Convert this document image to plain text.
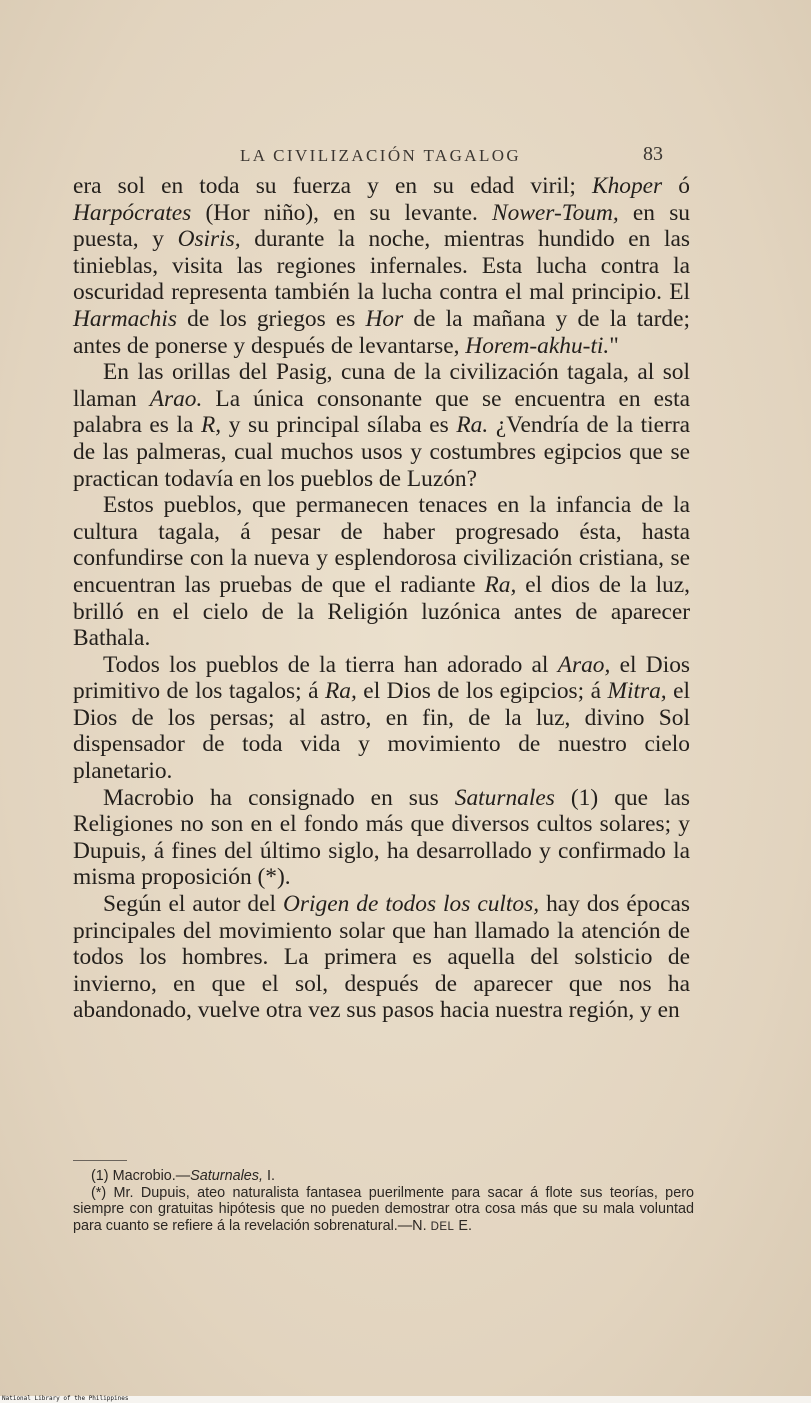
LA CIVILIZACIÓN TAGALOG	83

era sol en toda su fuerza y en su edad viril; Khoper ó Harpócrates (Hor niño), en su levante. Nower-Toum, en su puesta, y Osiris, durante la noche, mientras hundido en las tinieblas, visita las regiones infernales. Esta lucha contra la oscuridad representa también la lucha contra el mal principio. El Harmachis de los griegos es Hor de la mañana y de la tarde; antes de ponerse y después de levantarse, Horem-akhu-ti."

En las orillas del Pasig, cuna de la civilización tagala, al sol llaman Arao. La única consonante que se encuentra en esta palabra es la R, y su principal sílaba es Ra. ¿Vendría de la tierra de las palmeras, cual muchos usos y costumbres egipcios que se practican todavía en los pueblos de Luzón?

Estos pueblos, que permanecen tenaces en la infancia de la cultura tagala, á pesar de haber progresado ésta, hasta confundirse con la nueva y esplendorosa civilización cristiana, se encuentran las pruebas de que el radiante Ra, el dios de la luz, brilló en el cielo de la Religión luzónica antes de aparecer Bathala.

Todos los pueblos de la tierra han adorado al Arao, el Dios primitivo de los tagalos; á Ra, el Dios de los egipcios; á Mitra, el Dios de los persas; al astro, en fin, de la luz, divino Sol dispensador de toda vida y movimiento de nuestro cielo planetario.

Macrobio ha consignado en sus Saturnales (1) que las Religiones no son en el fondo más que diversos cultos solares; y Dupuis, á fines del último siglo, ha desarrollado y confirmado la misma proposición (*).

Según el autor del Origen de todos los cultos, hay dos épocas principales del movimiento solar que han llamado la atención de todos los hombres. La primera es aquella del solsticio de invierno, en que el sol, después de aparecer que nos ha abandonado, vuelve otra vez sus pasos hacia nuestra región, y en

(1) Macrobio.—Saturnales, I.

(*) Mr. Dupuis, ateo naturalista fantasea puerilmente para sacar á flote sus teorías, pero siempre con gratuitas hipótesis que no pueden demostrar otra cosa más que su mala voluntad para cuanto se refiere á la revelación sobrenatural.—N. DEL E.

National Library of the Philippines
